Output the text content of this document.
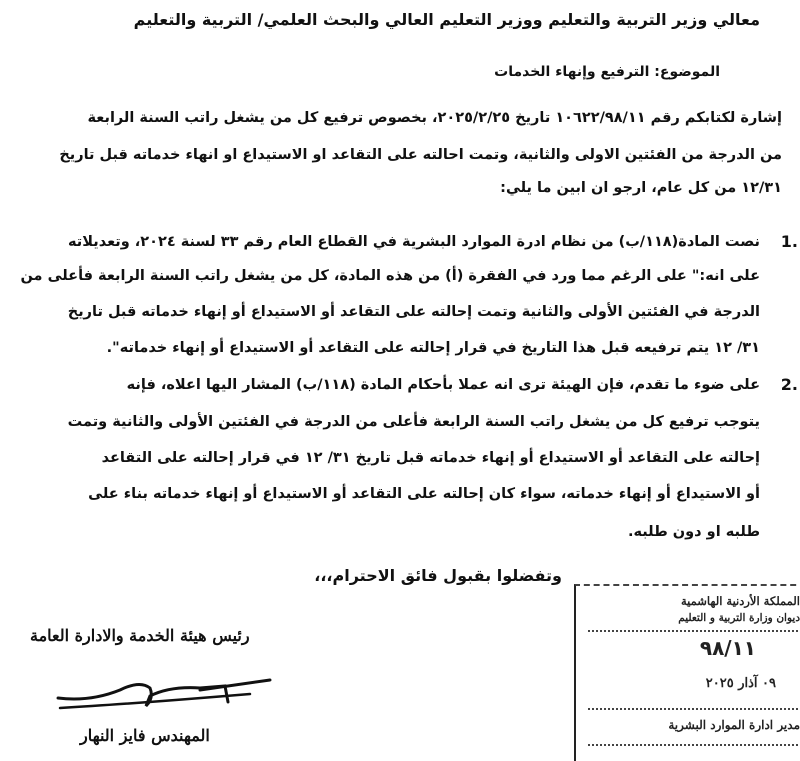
معالي وزير التربية والتعليم ووزير التعليم العالي والبحث العلمي/ التربية والتعليم
الموضوع: الترفيع وإنهاء الخدمات
إشارة لكتابكم رقم ١٠٦٢٢/٩٨/١١ تاريخ ٢٠٢٥/٢/٢٥، بخصوص ترفيع كل من يشغل راتب السنة الرابعة
من الدرجة من الفئتين الاولى والثانية، وتمت احالته على التقاعد او الاستيداع او انهاء خدماته قبل تاريخ
١٢/٣١ من كل عام، ارجو ان ابين ما يلي:
1.
نصت المادة(١١٨/ب) من نظام ادرة الموارد البشرية في القطاع العام رقم ٣٣ لسنة ٢٠٢٤، وتعديلاته
على انه:" على الرغم مما ورد في الفقرة (أ) من هذه المادة، كل من يشغل راتب السنة الرابعة فأعلى من
الدرجة في الفئتين الأولى والثانية وتمت إحالته على التقاعد أو الاستيداع أو إنهاء خدماته قبل تاريخ
٣١/ ١٢ يتم ترفيعه قبل هذا التاريخ في قرار إحالته على التقاعد أو الاستيداع أو إنهاء خدماته".
2.
على ضوء ما تقدم، فإن الهيئة ترى انه عملا بأحكام المادة (١١٨/ب) المشار اليها اعلاه، فإنه
يتوجب ترفيع كل من يشغل راتب السنة الرابعة فأعلى من الدرجة في الفئتين الأولى والثانية وتمت
إحالته على التقاعد أو الاستيداع أو إنهاء خدماته قبل تاريخ ٣١/ ١٢ في قرار إحالته على التقاعد
أو الاستيداع أو إنهاء خدماته، سواء كان إحالته على التقاعد أو الاستيداع أو إنهاء خدماته بناء على
طلبه او دون طلبه.
وتفضلوا بقبول فائق الاحترام،،،
رئيس هيئة الخدمة والادارة العامة
المهندس فايز النهار
المملكة الأردنية الهاشمية
ديوان وزارة التربية و التعليم
٩٨/١١
٠٩ آذار ٢٠٢٥
مدير ادارة الموارد البشرية
